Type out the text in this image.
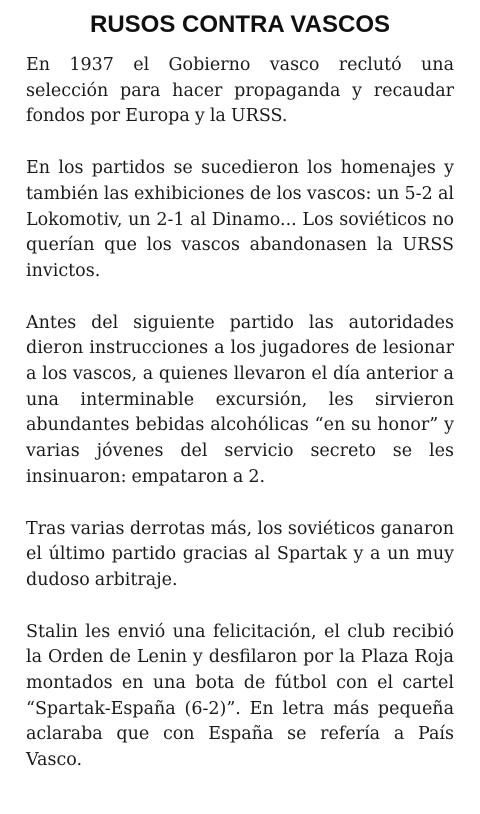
RUSOS CONTRA VASCOS

En 1937 el Gobierno vasco reclutó una selección para hacer propaganda y recaudar fondos por Europa y la URSS.

En los partidos se sucedieron los homenajes y también las exhibiciones de los vascos: un 5-2 al Lokomotiv, un 2-1 al Dinamo... Los soviéticos no querían que los vascos abandonasen la URSS invictos.

Antes del siguiente partido las autoridades dieron instrucciones a los jugadores de lesionar a los vascos, a quienes llevaron el día anterior a una interminable excursión, les sirvieron abundantes bebidas alcohólicas “en su honor” y varias jóvenes del servicio secreto se les insinuaron: empataron a 2.

Tras varias derrotas más, los soviéticos ganaron el último partido gracias al Spartak y a un muy dudoso arbitraje.

Stalin les envió una felicitación, el club recibió la Orden de Lenin y desfilaron por la Plaza Roja montados en una bota de fútbol con el cartel “Spartak-España (6-2)”. En letra más pequeña aclaraba que con España se refería a País Vasco.
